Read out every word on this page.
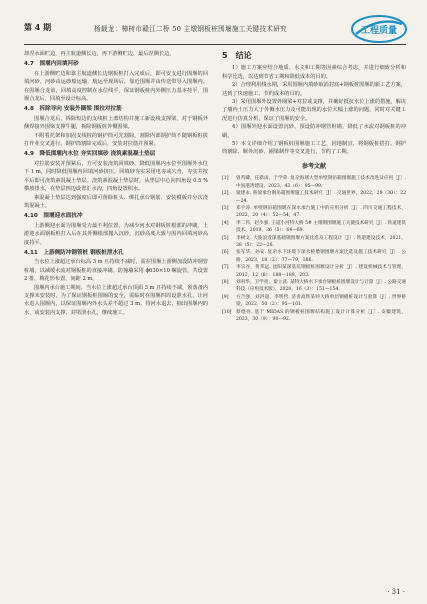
第 4 期	杨载龙：樟树市赣江二桥 50 主墩钢板桩围堰施工关键技术研究	工程质量

却涅水面贮边，再主航道侧长边，再下游侧贮边，最后涅侧长边。

4.7　围堰内回填河砂

在上游侧贮边和靠主航道侧长边钢板桩打入完成后，即可安支进行围堰的回填河砂。河砂由运砂船运输，航运至现场后，靠近围堰并由传送带导入围堰内。在围堰合龙前，回填高度控制在水位线平，保证钢板桩内外侧压力基本持平，围堰合龙后，回填至设计标高。

4.8　拆除导向 安装外圈梁 围拉对拉筋

围堰合龙后，拆除短边的支线桩上部结构并施工新设栈支撑梁，对于钢板外侧焊接外围梁支撑牛腿，拆除钢板桩外侧围梁。

不附着托架和加固支线桩的钢护筒可先割除，割除内部钢护筒不随钢板桩拔打作业交叉进行。钢护筒割除完成后，安装对拉筋并预紧。

4.9　降低围堰内水位 夯实回填砂 浇筑素混凝土垫层

对拉筋安装并预紧后，方可安装浇筑回填砂，降低围堰内水位至围堰外水位下 1 m，同时降低围堰内回填河砂挤压。回填砂夯实采用电夯或穴舟，夯实并按平后即可浇筑素混凝土垫层。浇筑素混凝土垫层时，从垫层中心向四角设 0.5 % 横坡排水，在垫层四边设置汇水沟，四角设置积水。

素混凝土垫层达到强度后即可凿除桩头、绑扎承台钢筋、安装模板并分次浇筑混凝土。

4.10　围堰迎水面抗冲

上游侧迎水面为围堰受力最不利位置，为减少河水对钢板桩根部的冲刷，上游迎水面钢板桩打入后在其外侧根部抛入沉砂，沉砂高度大致与围内回填河砂高度持平。

4.11　上游侧防冲钢管桩 钢板桩泄水孔

当水位上涨超过承台标高 3 m 且持续不减时，需在围堰上游侧加设防冲钢管桩墙，以减缓水流对钢板桩的直接冲刷。防撞墙采用 ϕ630×10 螺旋管，共设置 2 排，梅花形布置，间距 2 m。

围堰内承台施工期间，当水位上涨超过承台顶面 3 m 且持续不减，预落备内支撑未安装时，为了保证钢板桩围堰的安全，需临时在围堰四周设泄水孔，让河水进入围堰内，以保证围堰内外水头差不超过 3 m。待河水退去，抽出围堰内的水，或安装内支撑，封堵泄水孔，继续施工。

5　结论

1）施工方案应结合地质、水文和工期等因素综合考虑，并进行细致分析和科学比选，以达到节省工期和降低成本的目的。

2）合理利用栈水期，采用围堰内填砂取消封底+钢板桩围堰的新工艺方案，达到了快速施工、节约成本的目的。

3）采用围堰外设置外圈梁+对拉或支撑，并确好抵抗水位上涨的措施，解决了墙内土压力大于外侧水压力及可能出现的水位大幅上涨的问题，同时对关键工况进行仿真分析，保证了围堰的安全。

4）围堰外迎水面设置沉砂，预设防冲钢管桩墙，降低了水流对钢板桩的冲刷。

5）本文详细介绍了钢板桩围堰施工工艺，因地制宜，将钢板桩搭打、钢护筒割除、堰外沉砂、圈梁制作等交叉进行，节约了工期。

参考文献
[1]	曾芮卿，任新雨，于学荣. 复杂海域大型单壁钢吊箱围堰施工技术改进及应用［J］. 中国港湾建设，2023，43（6）：95—99.
[2]	梁建永. 桥梁承台钢吊箱围堰施工技术研究［J］. 交通世界，2022，29（30）：22—24.
[3]	邓宇涛. 单壁钢吊箱围堰在深水承台施工中的应用分析［J］. 四川交通工程技术，2022，20（4）：52—54，47.
[4]	李二伟，赵少强. 王道小河特大桥 5# 主墩钢围堰施工关键技术研究［J］. 铁道建筑技术，2019，36（5）：64—69.
[5]	李树文. 大波浪壹深基础钢围堰方案比选及工程设计［J］. 铁道建设技术，2021，38（5）：22—26.
[6]	张军华，孙安. 复杂水下环境下深水桥墩钢围堰方案比选及施工技术研究［J］. 公路，2023，18（2）：77—79，186.
[7]	李宗谷，黄邦远. 沈阳某深基坑钢板桩围堰设计分析［J］. 建设机械技术与管理，2012，12（8）：188—189，203.
[8]	刘君华，卫学亮，秦立武. 某特大桥水下承台钢板桩围堰设计与计算［J］. 公路交通科技（应用技术版），2020，16（3）：151—154.
[9]	方吉强，刘洪超，李明哲. 济青高铁某特大桥单层钢板桩设计与验算［J］. 世界桥梁，2022，50（2）：95—101.
[10] 蔡德亮. 基于 MIDAS 的钢板桩围堰结构施工设计计算分析［J］. 安徽建筑，2023，30（9）：90—92.
· 31 ·
